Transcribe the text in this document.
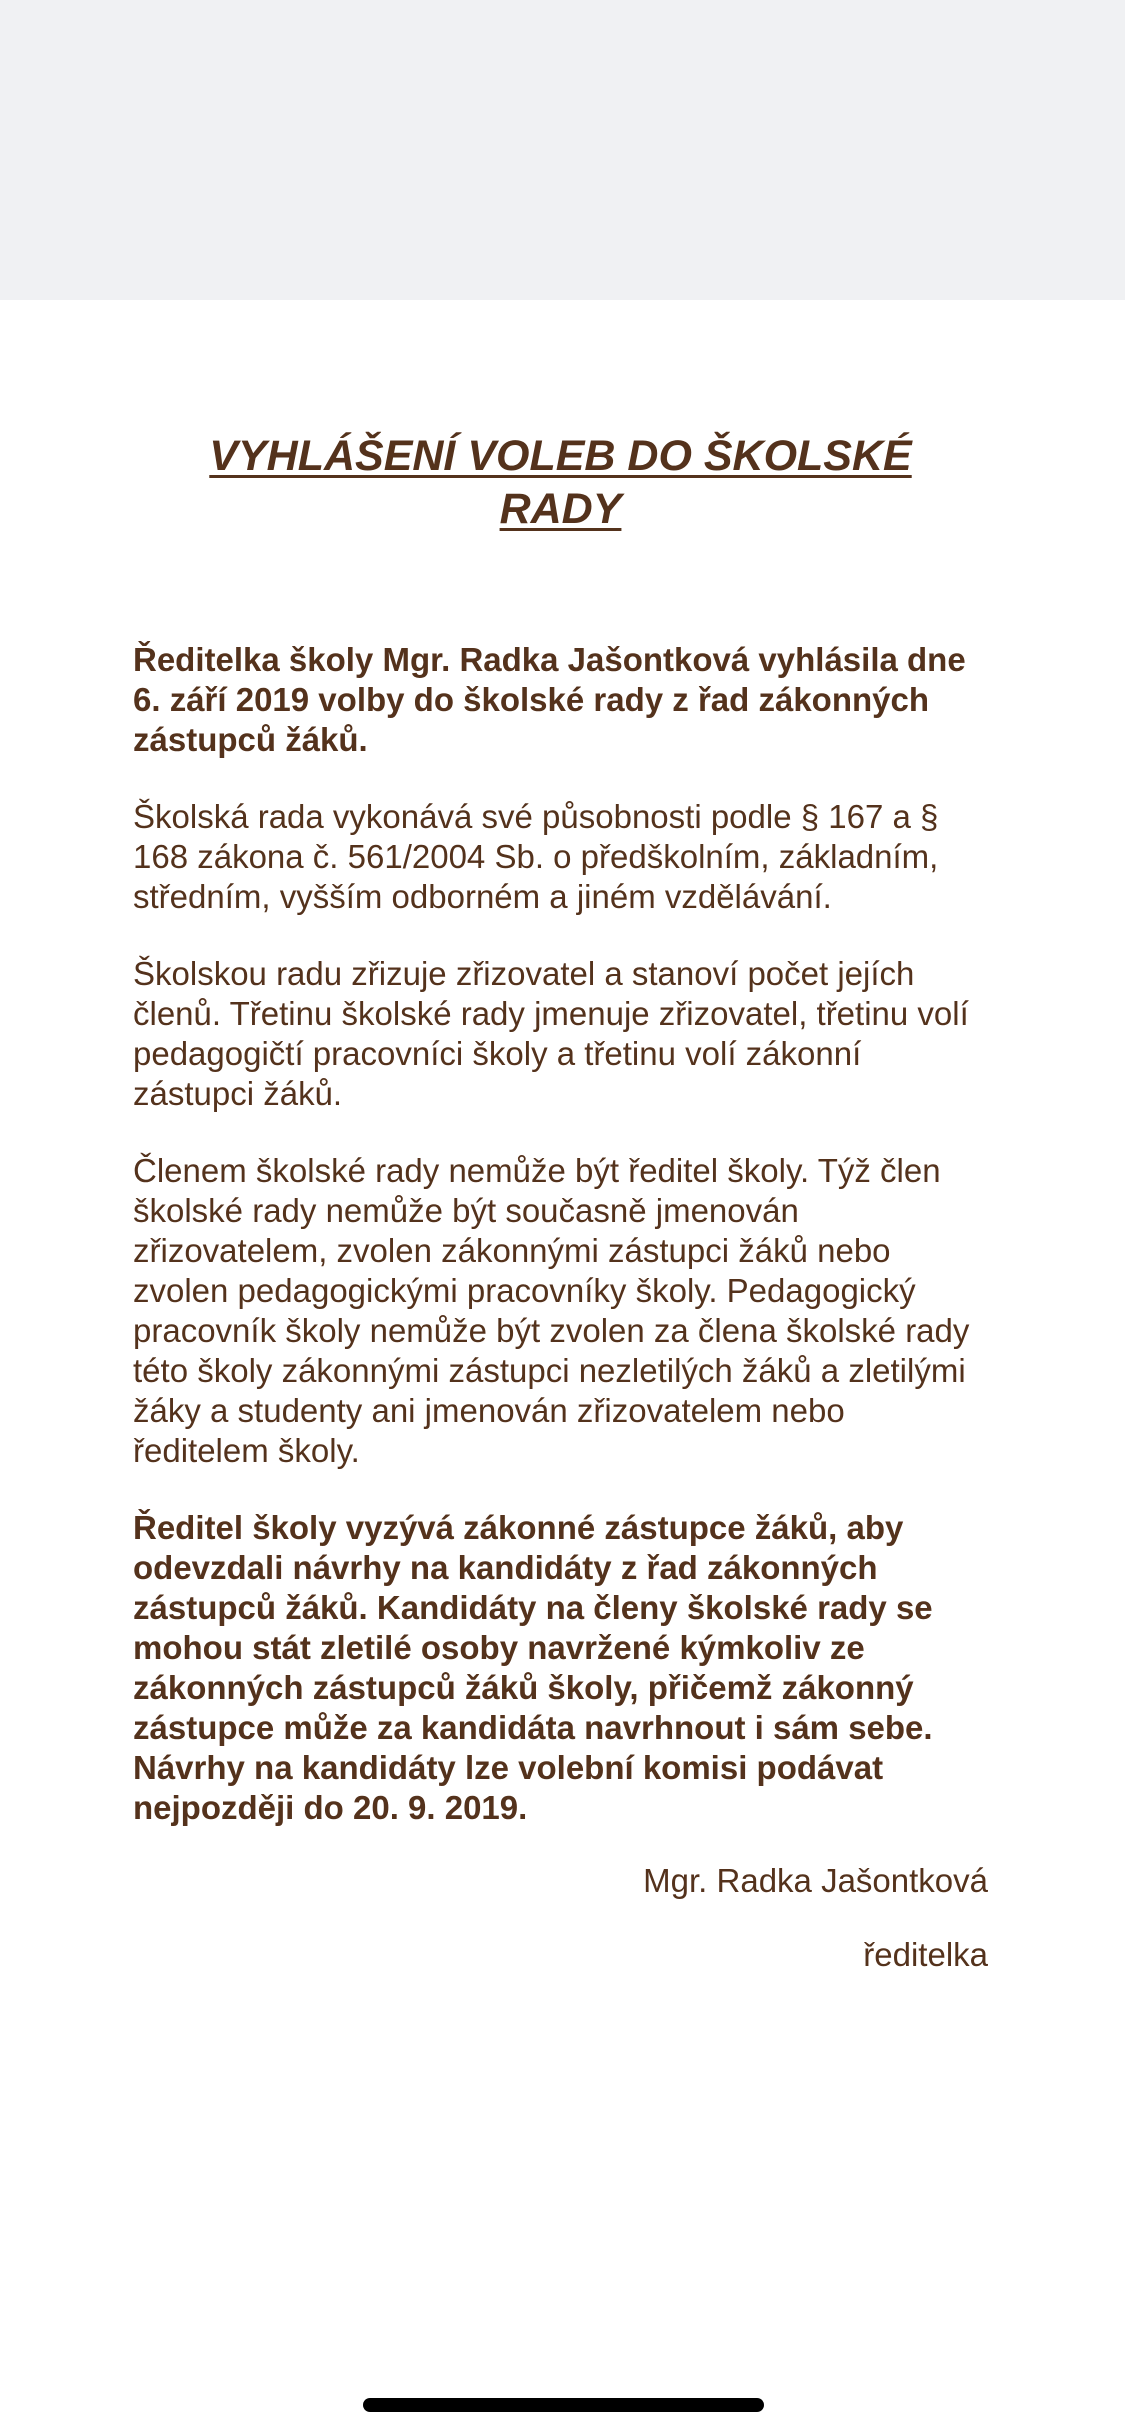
VYHLÁŠENÍ VOLEB DO ŠKOLSKÉ RADY

Ředitelka školy Mgr. Radka Jašontková vyhlásila dne 6. září 2019 volby do školské rady z řad zákonných zástupců žáků.

Školská rada vykonává své působnosti podle § 167 a § 168 zákona č. 561/2004 Sb. o předškolním, základním, středním, vyšším odborném a jiném vzdělávání.

Školskou radu zřizuje zřizovatel a stanoví počet jejích členů. Třetinu školské rady jmenuje zřizovatel, třetinu volí pedagogičtí pracovníci školy a třetinu volí zákonní zástupci žáků.

Členem školské rady nemůže být ředitel školy. Týž člen školské rady nemůže být současně jmenován zřizovatelem, zvolen zákonnými zástupci žáků nebo zvolen pedagogickými pracovníky školy. Pedagogický pracovník školy nemůže být zvolen za člena školské rady této školy zákonnými zástupci nezletilých žáků a zletilými žáky a studenty ani jmenován zřizovatelem nebo ředitelem školy.

Ředitel školy vyzývá zákonné zástupce žáků, aby odevzdali návrhy na kandidáty z řad zákonných zástupců žáků. Kandidáty na členy školské rady se mohou stát zletilé osoby navržené kýmkoliv ze zákonných zástupců žáků školy, přičemž zákonný zástupce může za kandidáta navrhnout i sám sebe. Návrhy na kandidáty lze volební komisi podávat nejpozději do 20. 9. 2019.

Mgr. Radka Jašontková

ředitelka
